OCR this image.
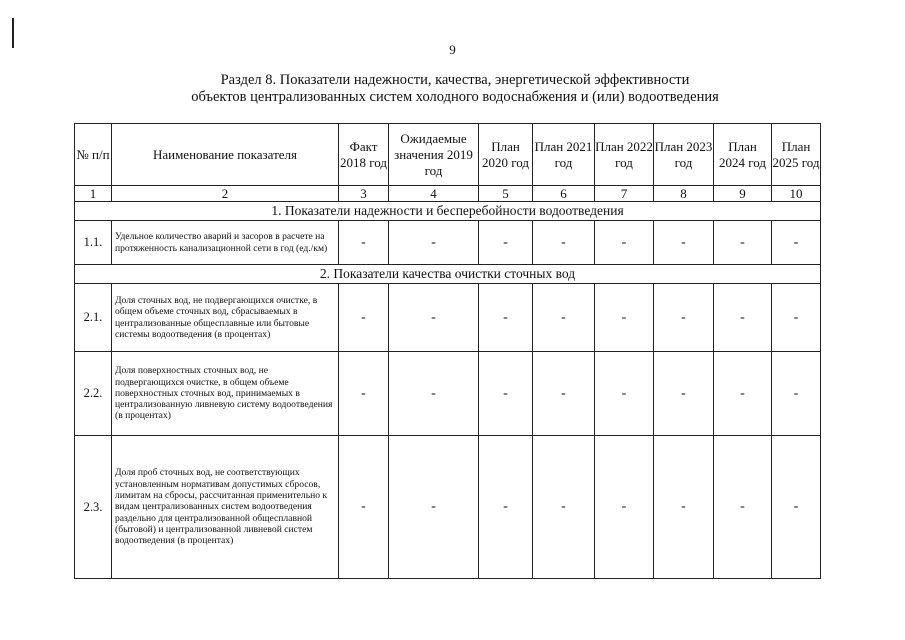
9
Раздел 8. Показатели надежности, качества, энергетической эффективности
объектов централизованных систем холодного водоснабжения и (или) водоотведения
№ п/п	Наименование показателя	Факт 2018 год	Ожидаемые значения 2019 год	План 2020 год	План 2021 год	План 2022 год	План 2023 год	План 2024 год	План 2025 год
1	2	3	4	5	6	7	8	9	10
1. Показатели надежности и бесперебойности водоотведения									
1.1.	Удельное количество аварий и засоров в расчете на протяженность канализационной сети в год (ед./км)	-	-	-	-	-	-	-	-
2. Показатели качества очистки сточных вод									
2.1.	Доля сточных вод, не подвергающихся очистке, в общем объеме сточных вод, сбрасываемых в централизованные общесплавные или бытовые системы водоотведения (в процентах)	-	-	-	-	-	-	-	-
2.2.	Доля поверхностных сточных вод, не подвергающихся очистке, в общем объеме поверхностных сточных вод, принимаемых в централизованную ливневую систему водоотведения (в процентах)	-	-	-	-	-	-	-	-
2.3.	Доля проб сточных вод, не соответствующих установленным нормативам допустимых сбросов, лимитам на сбросы, рассчитанная применительно к видам централизованных систем водоотведения раздельно для централизованной общесплавной (бытовой) и централизованной ливневой систем водоотведения (в процентах)	-	-	-	-	-	-	-	-
